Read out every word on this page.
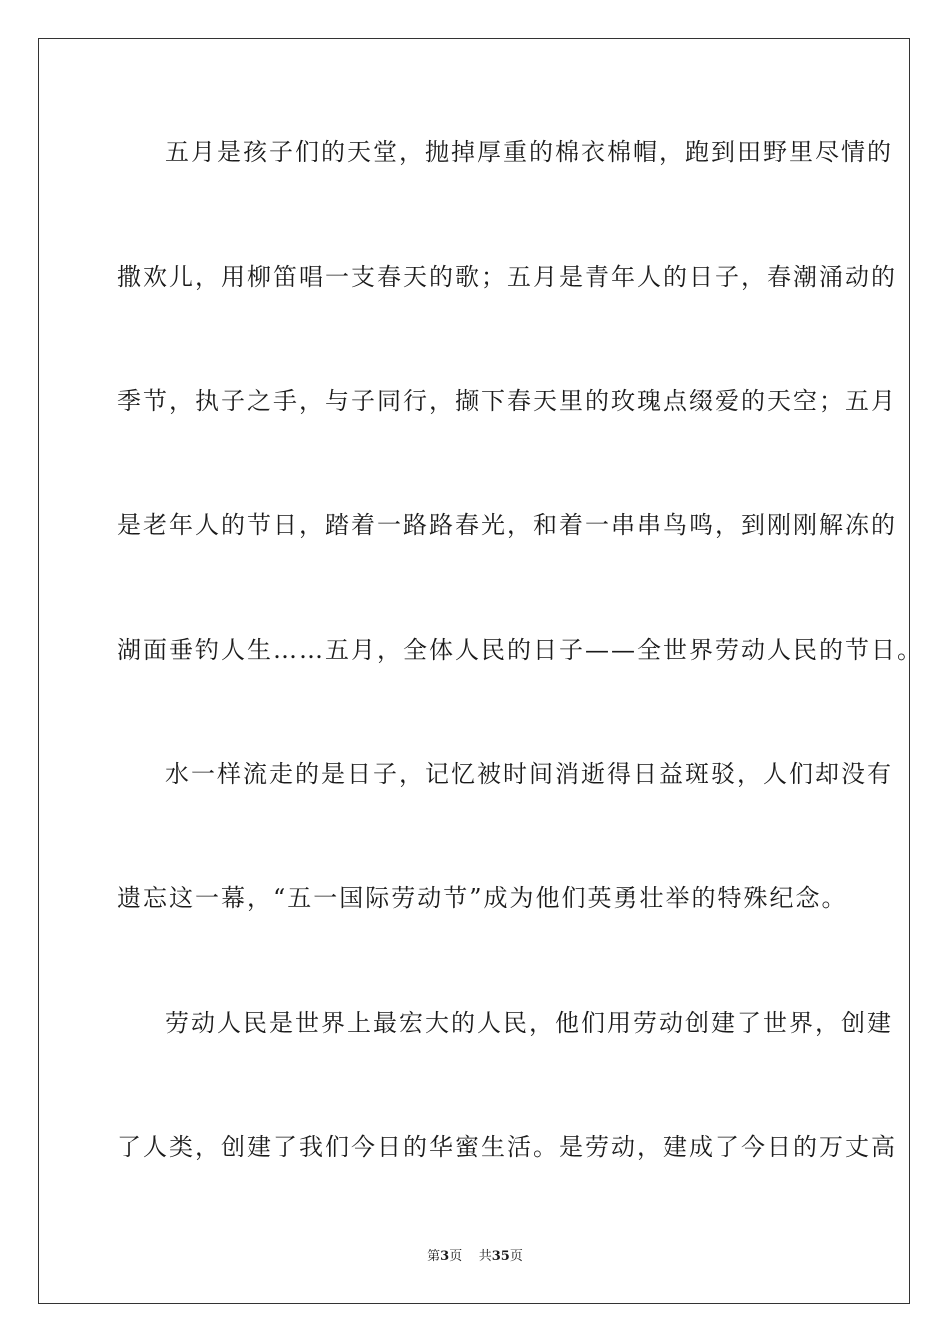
五月是孩子们的天堂，抛掉厚重的棉衣棉帽，跑到田野里尽情的
撒欢儿，用柳笛唱一支春天的歌；五月是青年人的日子，春潮涌动的
季节，执子之手，与子同行，撷下春天里的玫瑰点缀爱的天空；五月
是老年人的节日，踏着一路路春光，和着一串串鸟鸣，到刚刚解冻的
湖面垂钓人生……五月，全体人民的日子——全世界劳动人民的节日。
水一样流走的是日子，记忆被时间消逝得日益斑驳，人们却没有
遗忘这一幕，“五一国际劳动节”成为他们英勇壮举的特殊纪念。
劳动人民是世界上最宏大的人民，他们用劳动创建了世界，创建
了人类，创建了我们今日的华蜜生活。是劳动，建成了今日的万丈高
第3页 共35页
